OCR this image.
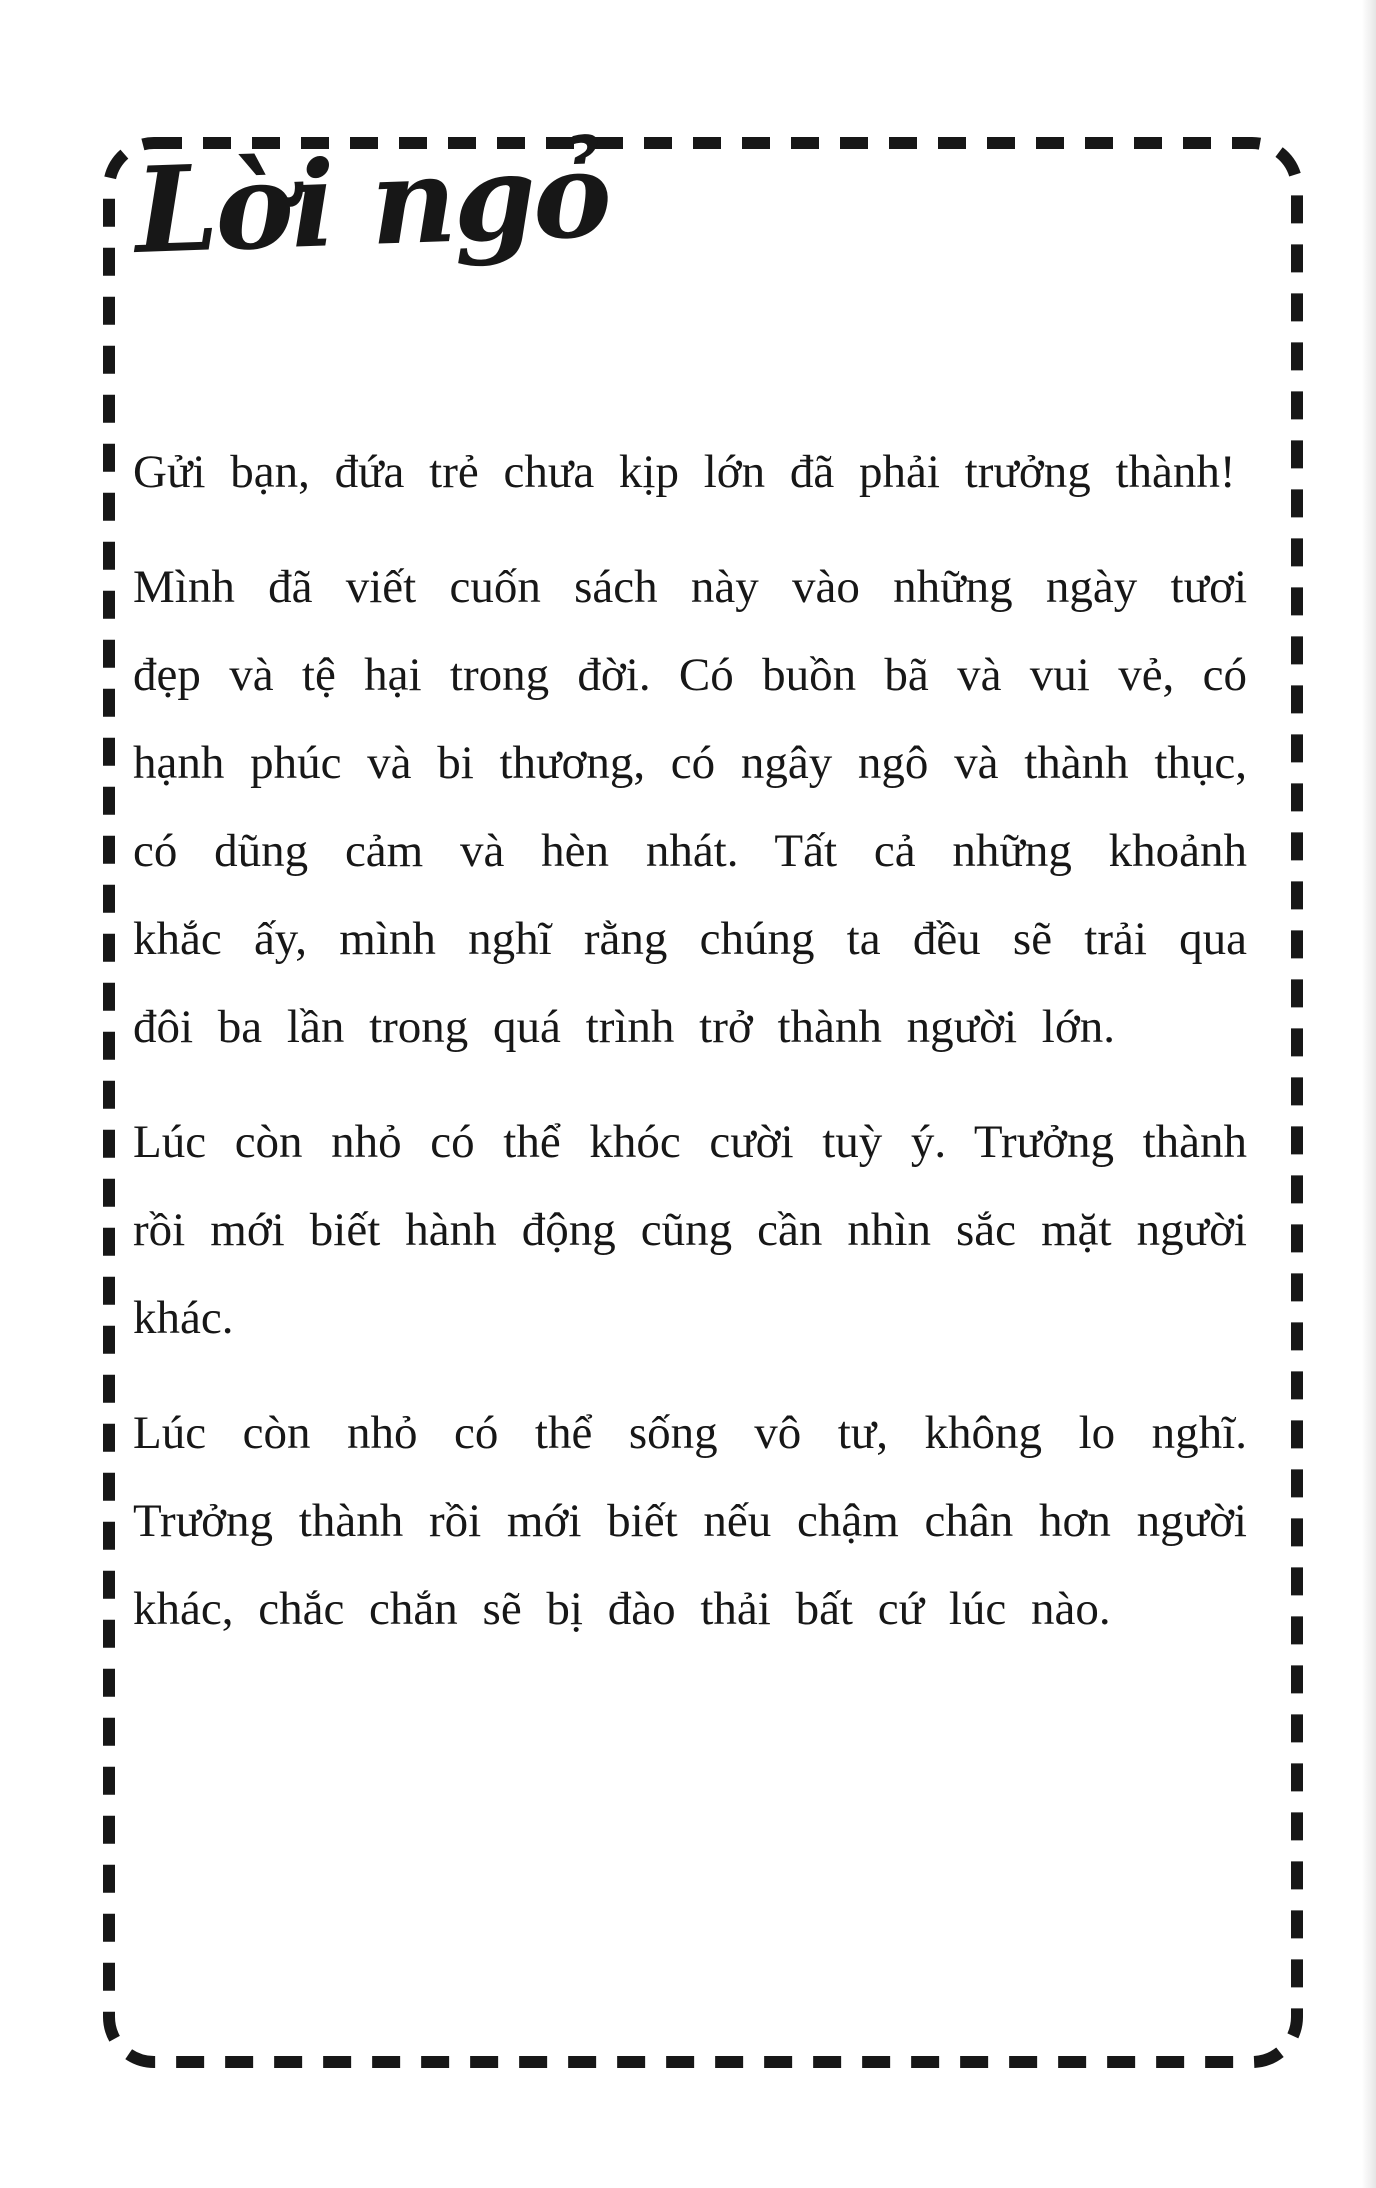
Lời ngỏ

Gửi bạn, đứa trẻ chưa kịp lớn đã phải trưởng thành!

Mình đã viết cuốn sách này vào những ngày tươi đẹp và tệ hại trong đời. Có buồn bã và vui vẻ, có hạnh phúc và bi thương, có ngây ngô và thành thục, có dũng cảm và hèn nhát. Tất cả những khoảnh khắc ấy, mình nghĩ rằng chúng ta đều sẽ trải qua đôi ba lần trong quá trình trở thành người lớn.

Lúc còn nhỏ có thể khóc cười tuỳ ý. Trưởng thành rồi mới biết hành động cũng cần nhìn sắc mặt người khác.

Lúc còn nhỏ có thể sống vô tư, không lo nghĩ. Trưởng thành rồi mới biết nếu chậm chân hơn người khác, chắc chắn sẽ bị đào thải bất cứ lúc nào.
